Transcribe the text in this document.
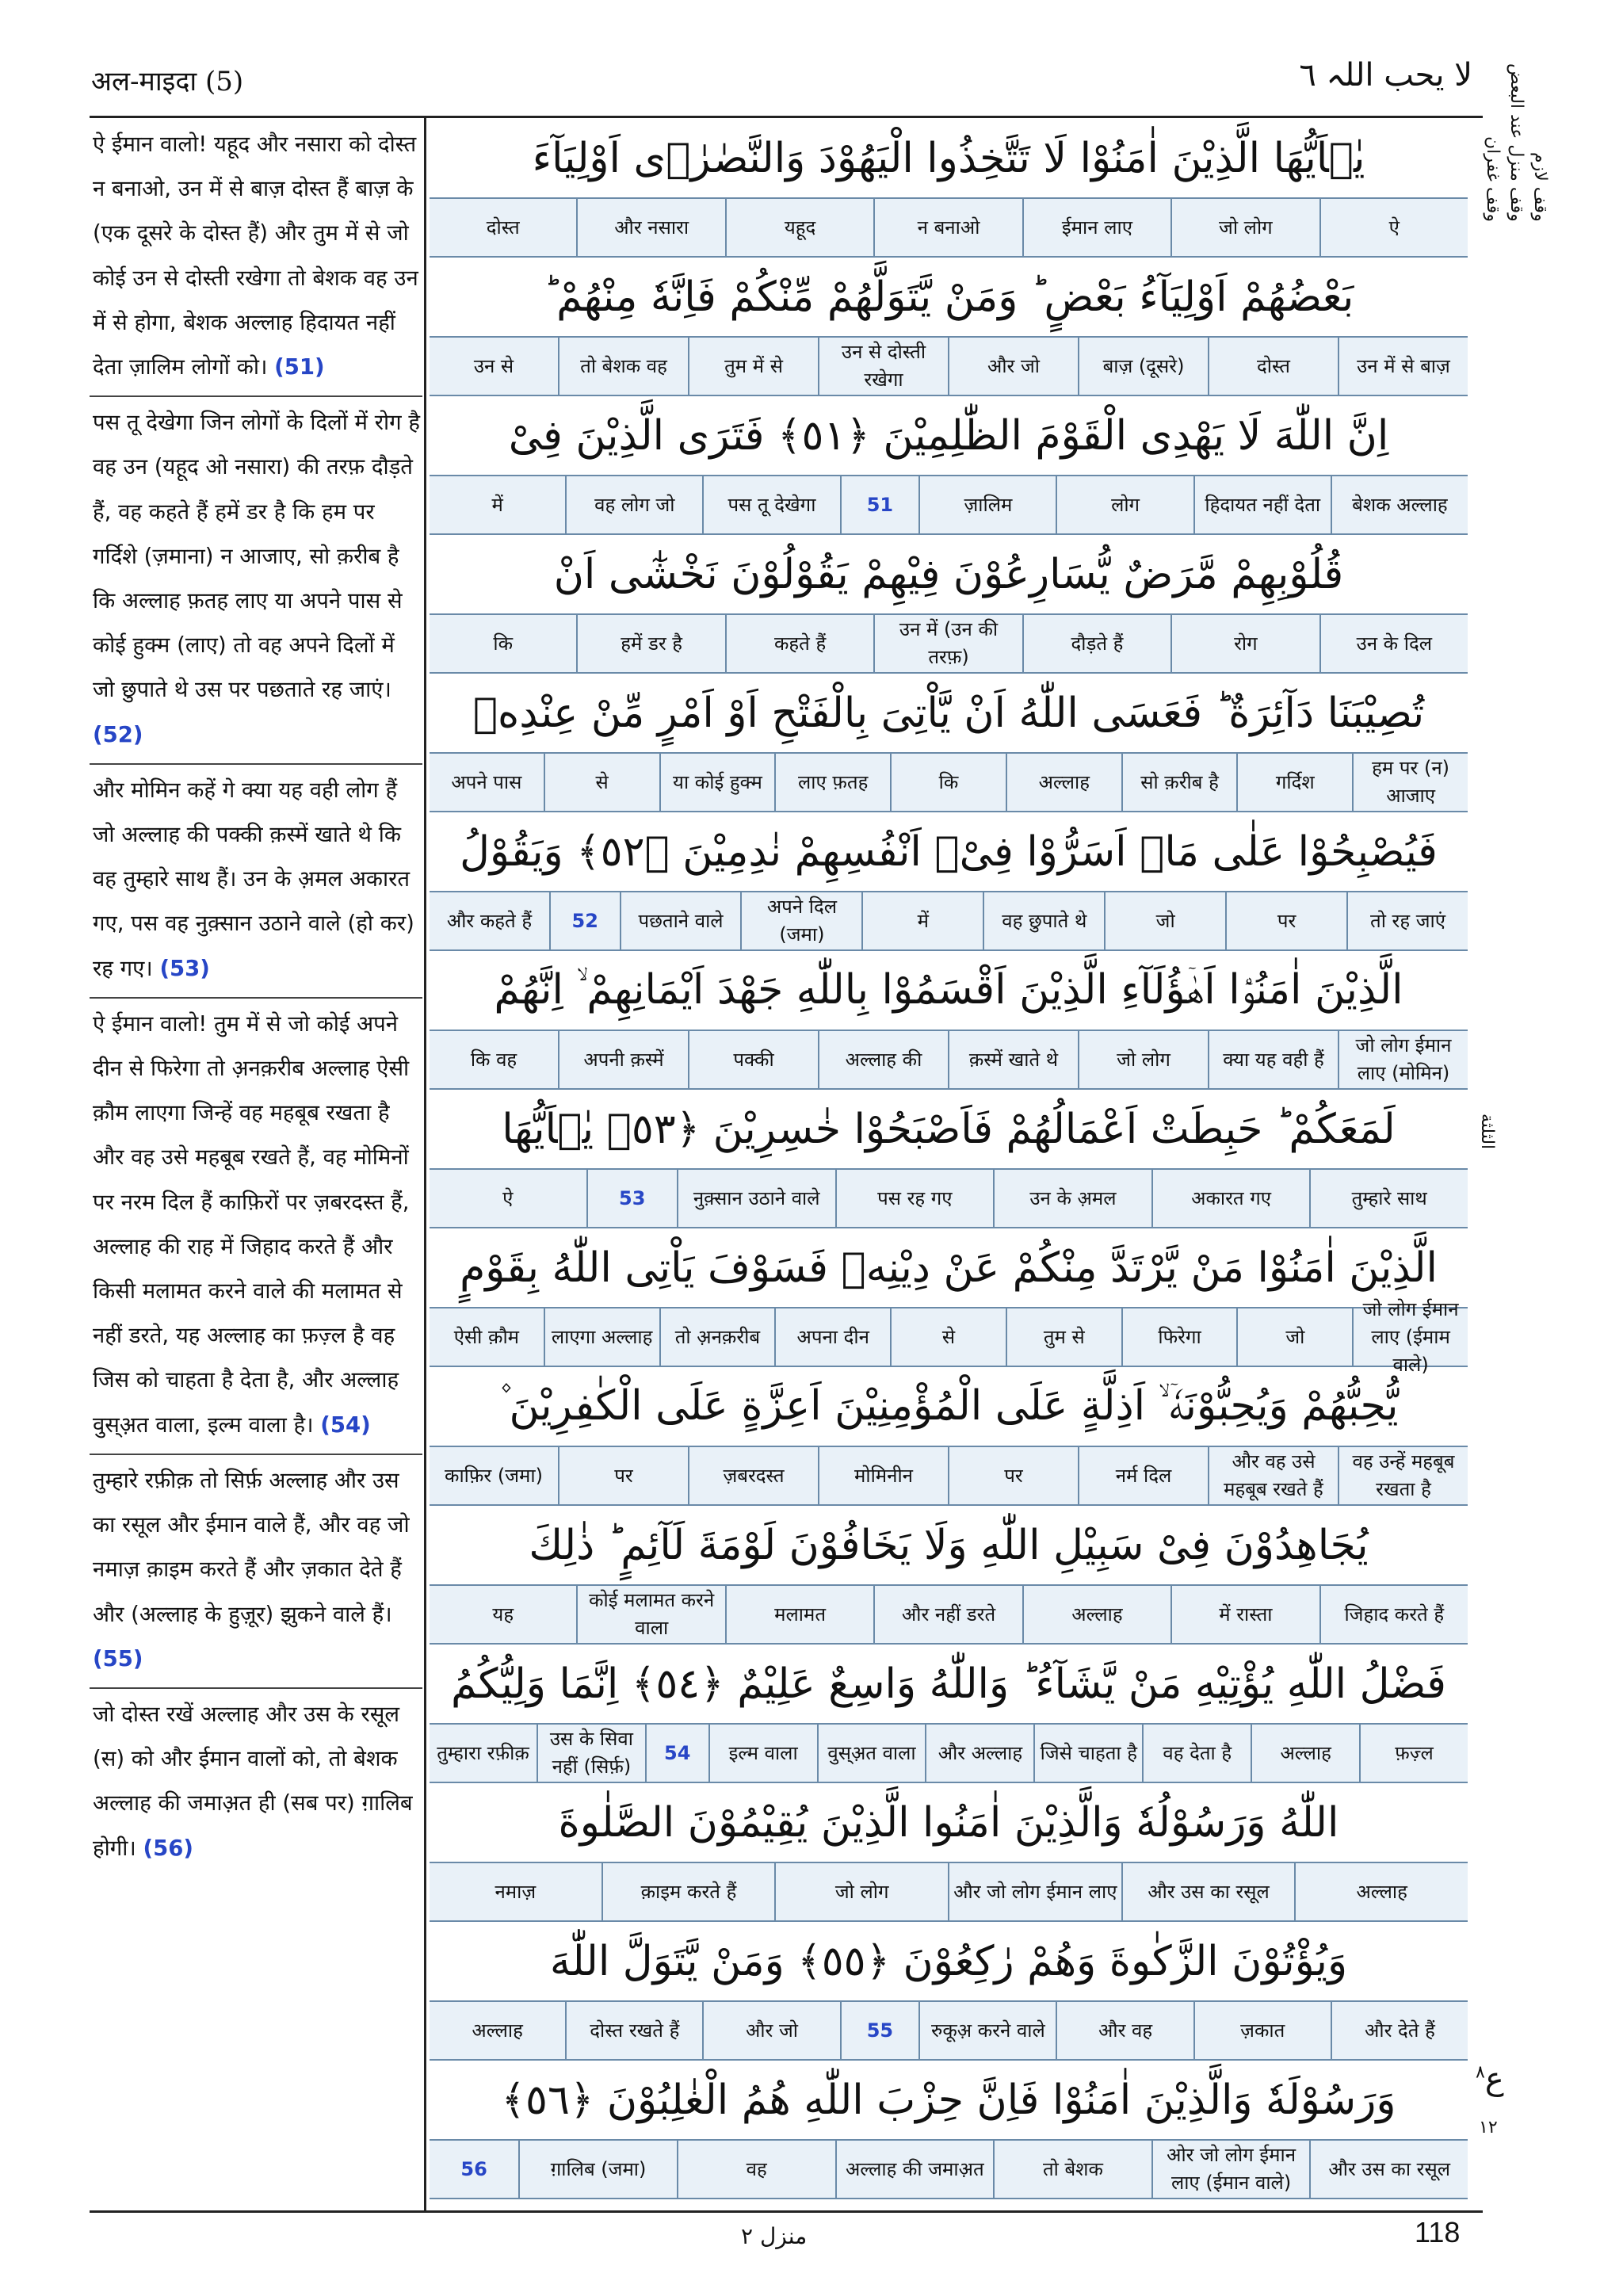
अल-माइदा (5)	لا یحب اللہ ٦
ऐ ईमान वालो! यहूद और नसारा को दोस्त न बनाओ, उन में से बाज़ दोस्त हैं बाज़ के (एक दूसरे के दोस्त हैं) और तुम में से जो कोई उन से दोस्ती रखेगा तो बेशक वह उन में से होगा, बेशक अल्लाह हिदायत नहीं देता ज़ालिम लोगों को। (51)
पस तू देखेगा जिन लोगों के दिलों में रोग है वह उन (यहूद ओ नसारा) की तरफ़ दौड़ते हैं, वह कहते हैं हमें डर है कि हम पर गर्दिशे (ज़माना) न आजाए, सो क़रीब है कि अल्लाह फ़तह लाए या अपने पास से कोई हुक्म (लाए) तो वह अपने दिलों में जो छुपाते थे उस पर पछताते रह जाएं। (52)
और मोमिन कहें गे क्या यह वही लोग हैं जो अल्लाह की पक्की क़स्में खाते थे कि वह तुम्हारे साथ हैं। उन के अ़मल अकारत गए, पस वह नुक़्सान उठाने वाले (हो कर) रह गए। (53)
ऐ ईमान वालो! तुम में से जो कोई अपने दीन से फिरेगा तो अ़नक़रीब अल्लाह ऐसी क़ौम लाएगा जिन्हें वह महबूब रखता है और वह उसे महबूब रखते हैं, वह मोमिनों पर नरम दिल हैं काफ़िरों पर ज़बरदस्त हैं, अल्लाह की राह में जिहाद करते हैं और किसी मलामत करने वाले की मलामत से नहीं डरते, यह अल्लाह का फ़ज़्ल है वह जिस को चाहता है देता है, और अल्लाह वुस्अ़त वाला, इल्म वाला है। (54)
तुम्हारे रफ़ीक़ तो सिर्फ़ अल्लाह और उस का रसूल और ईमान वाले हैं, और वह जो नमाज़ क़ाइम करते हैं और ज़कात देते हैं और (अल्लाह के हुज़ूर) झुकने वाले हैं। (55)
जो दोस्त रखें अल्लाह और उस के रसूल (स) को और ईमान वालों को, तो बेशक अल्लाह की जमाअ़त ही (सब पर) ग़ालिब होगी। (56)
يٰۤاَيُّهَا الَّذِيْنَ اٰمَنُوْا لَا تَتَّخِذُوا الْيَهُوْدَ وَالنَّصٰرٰۤى اَوْلِيَآءَ
ऐ
जो लोग
ईमान लाए
न बनाओ
यहूद
और नसारा
दोस्त
بَعْضُهُمْ اَوْلِيَآءُ بَعْضٍ ؕ وَمَنْ يَّتَوَلَّهُمْ مِّنْكُمْ فَاِنَّهٗ مِنْهُمْ ؕ
उन में से बाज़
दोस्त
बाज़ (दूसरे)
और जो
उन से दोस्ती रखेगा
तुम में से
तो बेशक वह
उन से
اِنَّ اللّٰهَ لَا يَهْدِى الْقَوْمَ الظّٰلِمِيْنَ ﴿٥١﴾ فَتَرَى الَّذِيْنَ فِىْ
बेशक अल्लाह
हिदायत नहीं देता
लोग
ज़ालिम
51
पस तू देखेगा
वह लोग जो
में
قُلُوْبِهِمْ مَّرَضٌ يُّسَارِعُوْنَ فِيْهِمْ يَقُوْلُوْنَ نَخْشٰٓى اَنْ
उन के दिल
रोग
दौड़ते हैं
उन में (उन की तरफ़)
कहते हैं
हमें डर है
कि
تُصِيْبَنَا دَآئِرَةٌ ؕ فَعَسَى اللّٰهُ اَنْ يَّاْتِىَ بِالْفَتْحِ اَوْ اَمْرٍ مِّنْ عِنْدِهٖ
हम पर (न) आजाए
गर्दिश
सो क़रीब है
अल्लाह
कि
लाए फ़तह
या कोई हुक्म
से
अपने पास
فَيُصْبِحُوْا عَلٰى مَاۤ اَسَرُّوْا فِىْۤ اَنْفُسِهِمْ نٰدِمِيْنَ ﴿٥٢﴾ وَيَقُوْلُ
तो रह जाएं
पर
जो
वह छुपाते थे
में
अपने दिल (जमा)
पछताने वाले
52
और कहते हैं
الَّذِيْنَ اٰمَنُوْۤا اَهٰۤؤُلَآءِ الَّذِيْنَ اَقْسَمُوْا بِاللّٰهِ جَهْدَ اَيْمَانِهِمْ ۙ اِنَّهُمْ
जो लोग ईमान लाए (मोमिन)
क्या यह वही हैं
जो लोग
क़स्में खाते थे
अल्लाह की
पक्की
अपनी क़स्में
कि वह
لَمَعَكُمْ ؕ حَبِطَتْ اَعْمَالُهُمْ فَاَصْبَحُوْا خٰسِرِيْنَ ﴿٥٣﴾ يٰۤاَيُّهَا
तुम्हारे साथ
अकारत गए
उन के अ़मल
पस रह गए
नुक़्सान उठाने वाले
53
ऐ
الَّذِيْنَ اٰمَنُوْا مَنْ يَّرْتَدَّ مِنْكُمْ عَنْ دِيْنِهٖ فَسَوْفَ يَاْتِى اللّٰهُ بِقَوْمٍ
जो लोग ईमान लाए (ईमाम वाले)
जो
फिरेगा
तुम से
से
अपना दीन
तो अ़नक़रीब
लाएगा अल्लाह
ऐसी क़ौम
يُّحِبُّهُمْ وَيُحِبُّوْنَهٗۤ ۙ اَذِلَّةٍ عَلَى الْمُؤْمِنِيْنَ اَعِزَّةٍ عَلَى الْكٰفِرِيْنَ ۫
वह उन्हें महबूब रखता है
और वह उसे महबूब रखते हैं
नर्म दिल
पर
मोमिनीन
ज़बरदस्त
पर
काफ़िर (जमा)
يُجَاهِدُوْنَ فِىْ سَبِيْلِ اللّٰهِ وَلَا يَخَافُوْنَ لَوْمَةَ لَآئِمٍ ؕ ذٰلِكَ
जिहाद करते हैं
में रास्ता
अल्लाह
और नहीं डरते
मलामत
कोई मलामत करने वाला
यह
فَضْلُ اللّٰهِ يُؤْتِيْهِ مَنْ يَّشَآءُ ؕ وَاللّٰهُ وَاسِعٌ عَلِيْمٌ ﴿٥٤﴾ اِنَّمَا وَلِيُّكُمُ
फ़ज़्ल
अल्लाह
वह देता है
जिसे चाहता है
और अल्लाह
वुस्अ़त वाला
इल्म वाला
54
उस के सिवा नहीं (सिर्फ़)
तुम्हारा रफ़ीक़
اللّٰهُ وَرَسُوْلُهٗ وَالَّذِيْنَ اٰمَنُوا الَّذِيْنَ يُقِيْمُوْنَ الصَّلٰوةَ
अल्लाह
और उस का रसूल
और जो लोग ईमान लाए
जो लोग
क़ाइम करते हैं
नमाज़
وَيُؤْتُوْنَ الزَّكٰوةَ وَهُمْ رٰكِعُوْنَ ﴿٥٥﴾ وَمَنْ يَّتَوَلَّ اللّٰهَ
और देते हैं
ज़कात
और वह
रुकूअ़ करने वाले
55
और जो
दोस्त रखते हैं
अल्लाह
وَرَسُوْلَهٗ وَالَّذِيْنَ اٰمَنُوْا فَاِنَّ حِزْبَ اللّٰهِ هُمُ الْغٰلِبُوْنَ ﴿٥٦﴾
और उस का रसूल
ओर जो लोग ईमान लाए (ईमान वाले)
तो बेशक
अल्लाह की जमाअ़त
वह
ग़ालिब (जमा)
56
وقف لازم
وقف منزل عند البعض
وقف غفران
الثلثة
ع$^٨$
١٢
منزل ٢	118
